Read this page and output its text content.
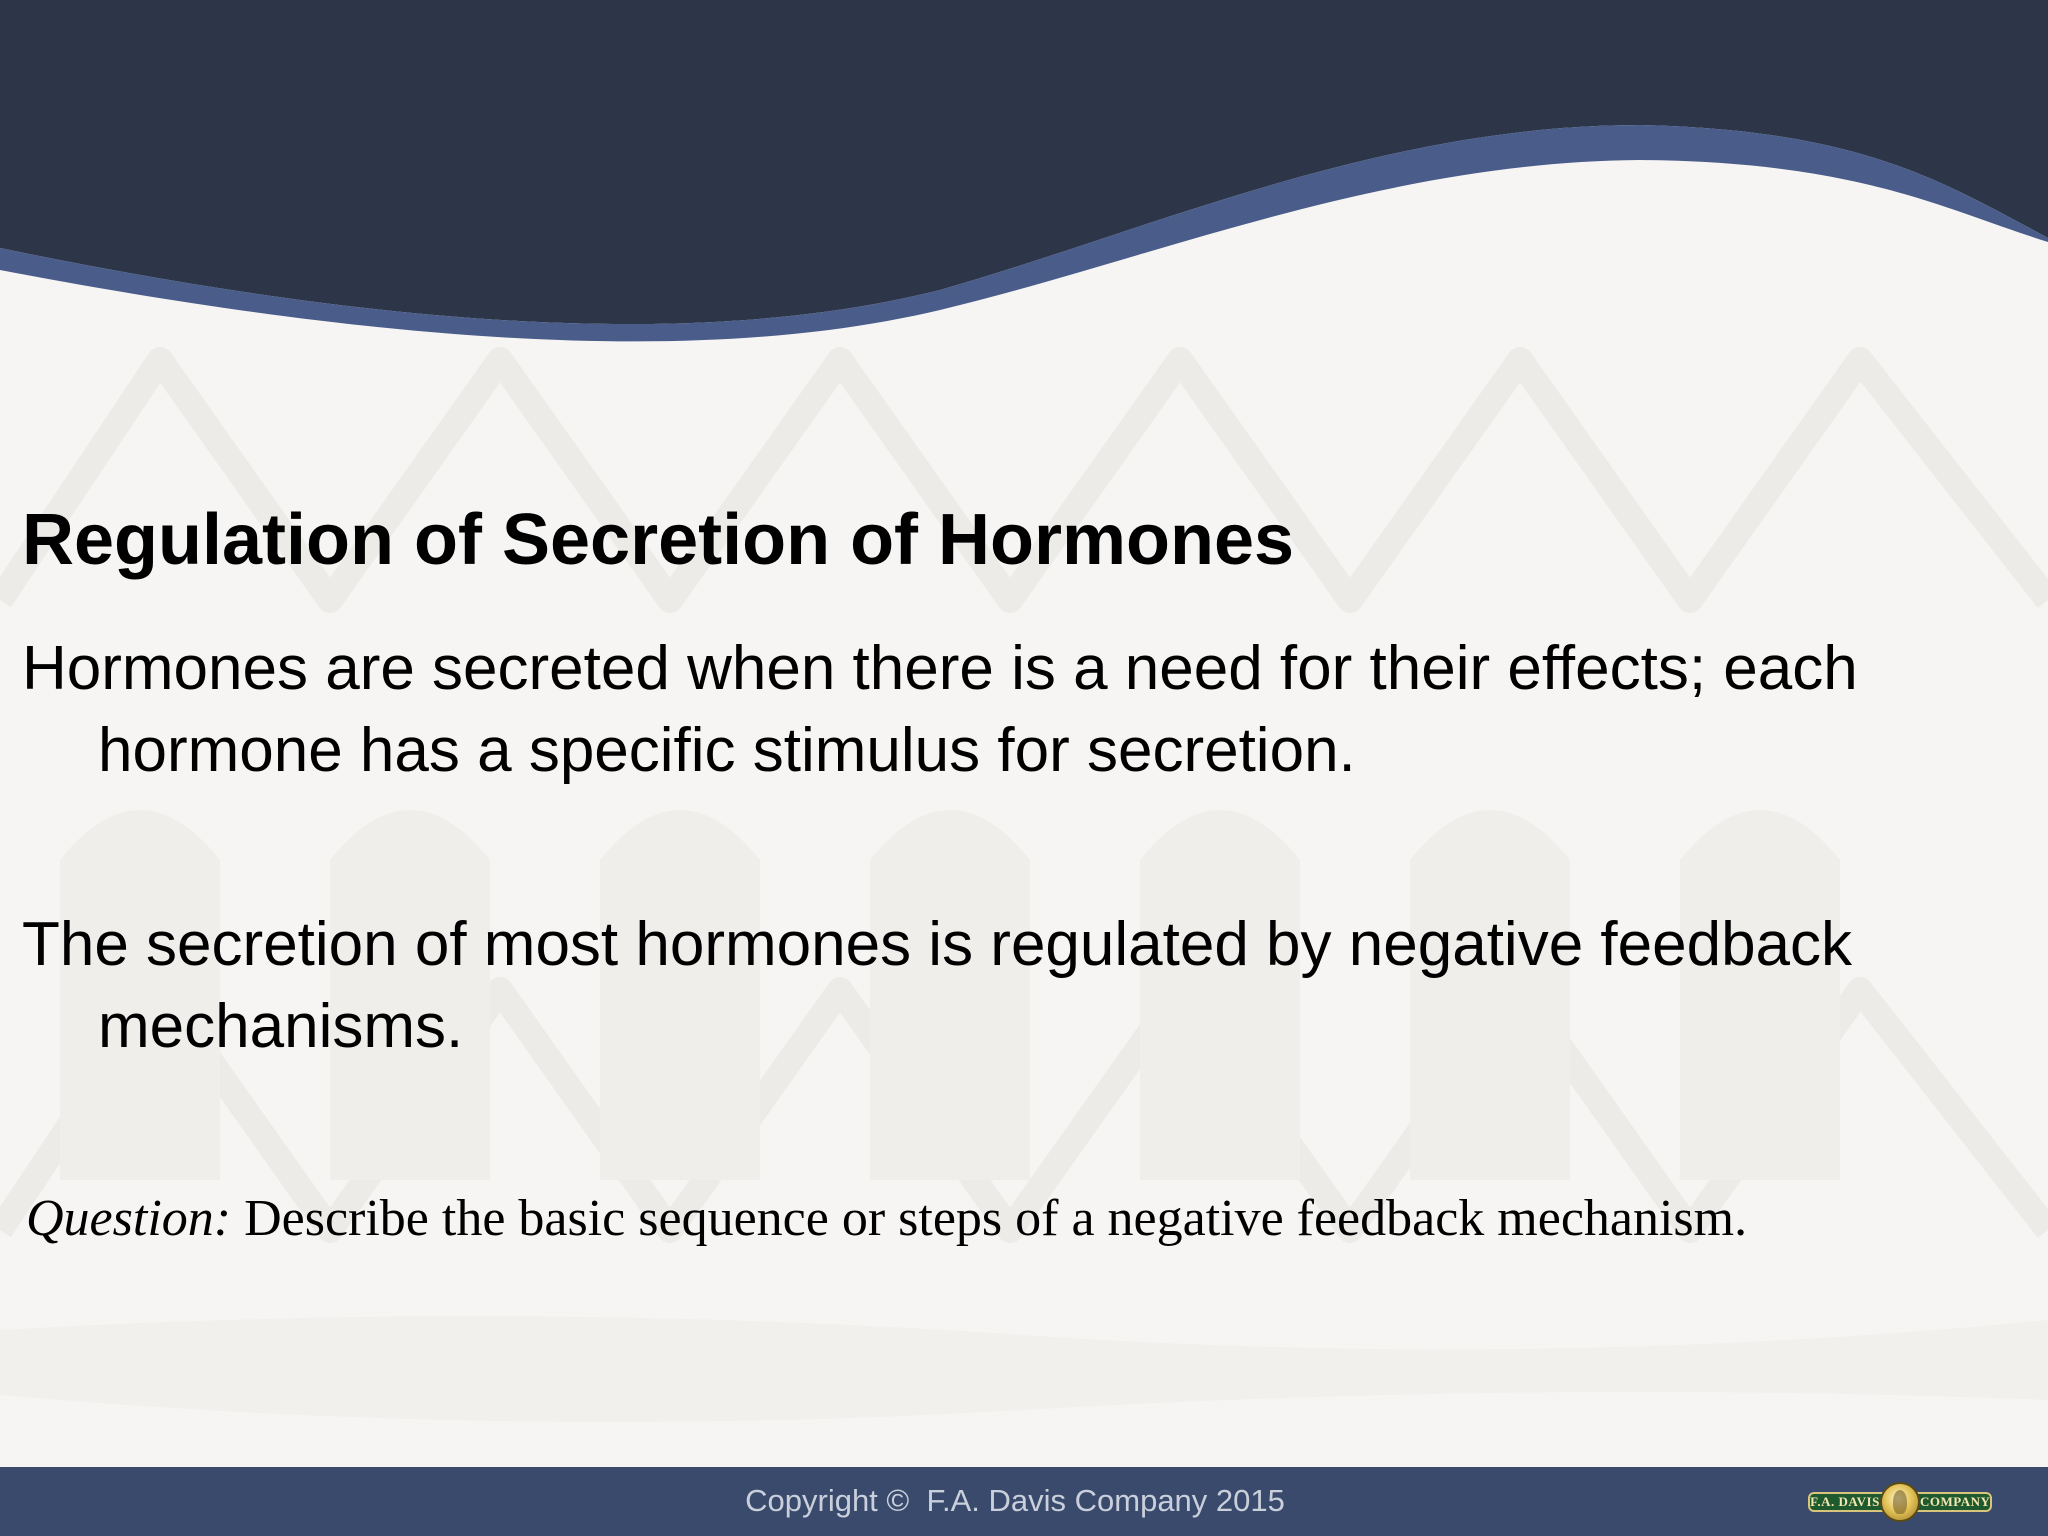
Regulation of Secretion of Hormones

Hormones are secreted when there is a need for their effects; each hormone has a specific stimulus for secretion.

The secretion of most hormones is regulated by negative feedback mechanisms.

Question: Describe the basic sequence or steps of a negative feedback mechanism.

Copyright ©  F.A. Davis Company 2015	F.A. DAVIS	COMPANY
